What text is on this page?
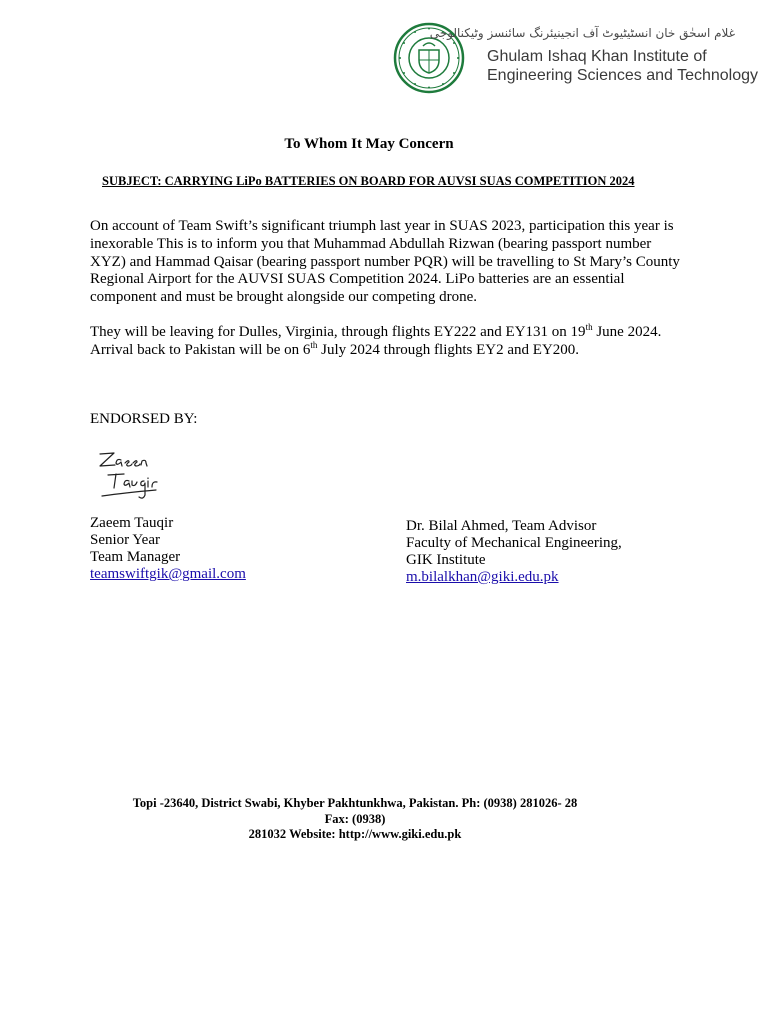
غلام اسحٰق خان انسٹیٹیوٹ آف انجینیئرنگ سائنسز وٹیکنالوجی
Ghulam Ishaq Khan Institute of
Engineering Sciences and Technology
To Whom It May Concern
SUBJECT: CARRYING LiPo BATTERIES ON BOARD FOR AUVSI SUAS COMPETITION 2024

On account of Team Swift’s significant triumph last year in SUAS 2023, participation this year is inexorable This is to inform you that Muhammad Abdullah Rizwan (bearing passport number XYZ) and Hammad Qaisar (bearing passport number PQR) will be travelling to St Mary’s County Regional Airport for the AUVSI SUAS Competition 2024. LiPo batteries are an essential component and must be brought alongside our competing drone.

They will be leaving for Dulles, Virginia, through flights EY222 and EY131 on 19th June 2024. Arrival back to Pakistan will be on 6th July 2024 through flights EY2 and EY200.

ENDORSED BY:
Zaeem Tauqir
Senior Year
Team Manager
teamswiftgik@gmail.com
Dr. Bilal Ahmed, Team Advisor
Faculty of Mechanical Engineering,
GIK Institute
m.bilalkhan@giki.edu.pk
Topi -23640, District Swabi, Khyber Pakhtunkhwa, Pakistan. Ph: (0938) 281026- 28
Fax: (0938)
281032 Website: http://www.giki.edu.pk
